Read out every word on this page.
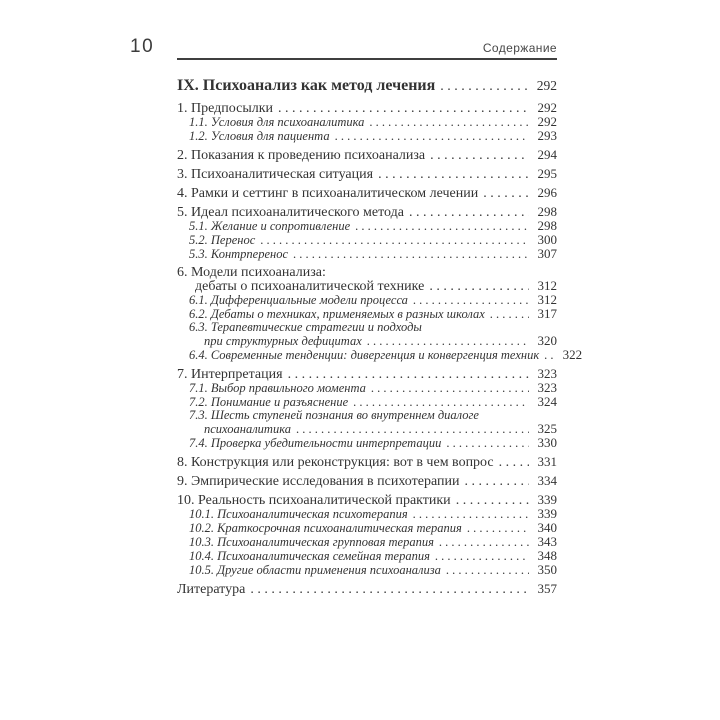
10	Содержание
IX. Психоанализ как метод лечения . . .	292
1. Предпосылки . . .	292
1.1. Условия для психоаналитика . . .	292
1.2. Условия для пациента . . .	293
2. Показания к проведению психоанализа . . .	294
3. Психоаналитическая ситуация . . .	295
4. Рамки и сеттинг в психоаналитическом лечении . . .	296
5. Идеал психоаналитического метода . . .	298
5.1. Желание и сопротивление . . .	298
5.2. Перенос . . .	300
5.3. Контрперенос . . .	307
6. Модели психоанализа:
дебаты о психоаналитической технике . . .	312
6.1. Дифференциальные модели процесса . . .	312
6.2. Дебаты о техниках, применяемых в разных школах . . .	317
6.3. Терапевтические стратегии и подходы
при структурных дефицитах . . .	320
6.4. Современные тенденции: дивергенция и конвергенция техник . . .	322
7. Интерпретация . . .	323
7.1. Выбор правильного момента . . .	323
7.2. Понимание и разъяснение . . .	324
7.3. Шесть ступеней познания во внутреннем диалоге
психоаналитика . . .	325
7.4. Проверка убедительности интерпретации . . .	330
8. Конструкция или реконструкция: вот в чем вопрос . . .	331
9. Эмпирические исследования в психотерапии . . .	334
10. Реальность психоаналитической практики . . .	339
10.1. Психоаналитическая психотерапия . . .	339
10.2. Краткосрочная психоаналитическая терапия . . .	340
10.3. Психоаналитическая групповая терапия . . .	343
10.4. Психоаналитическая семейная терапия . . .	348
10.5. Другие области применения психоанализа . . .	350
Литература . . .	357
